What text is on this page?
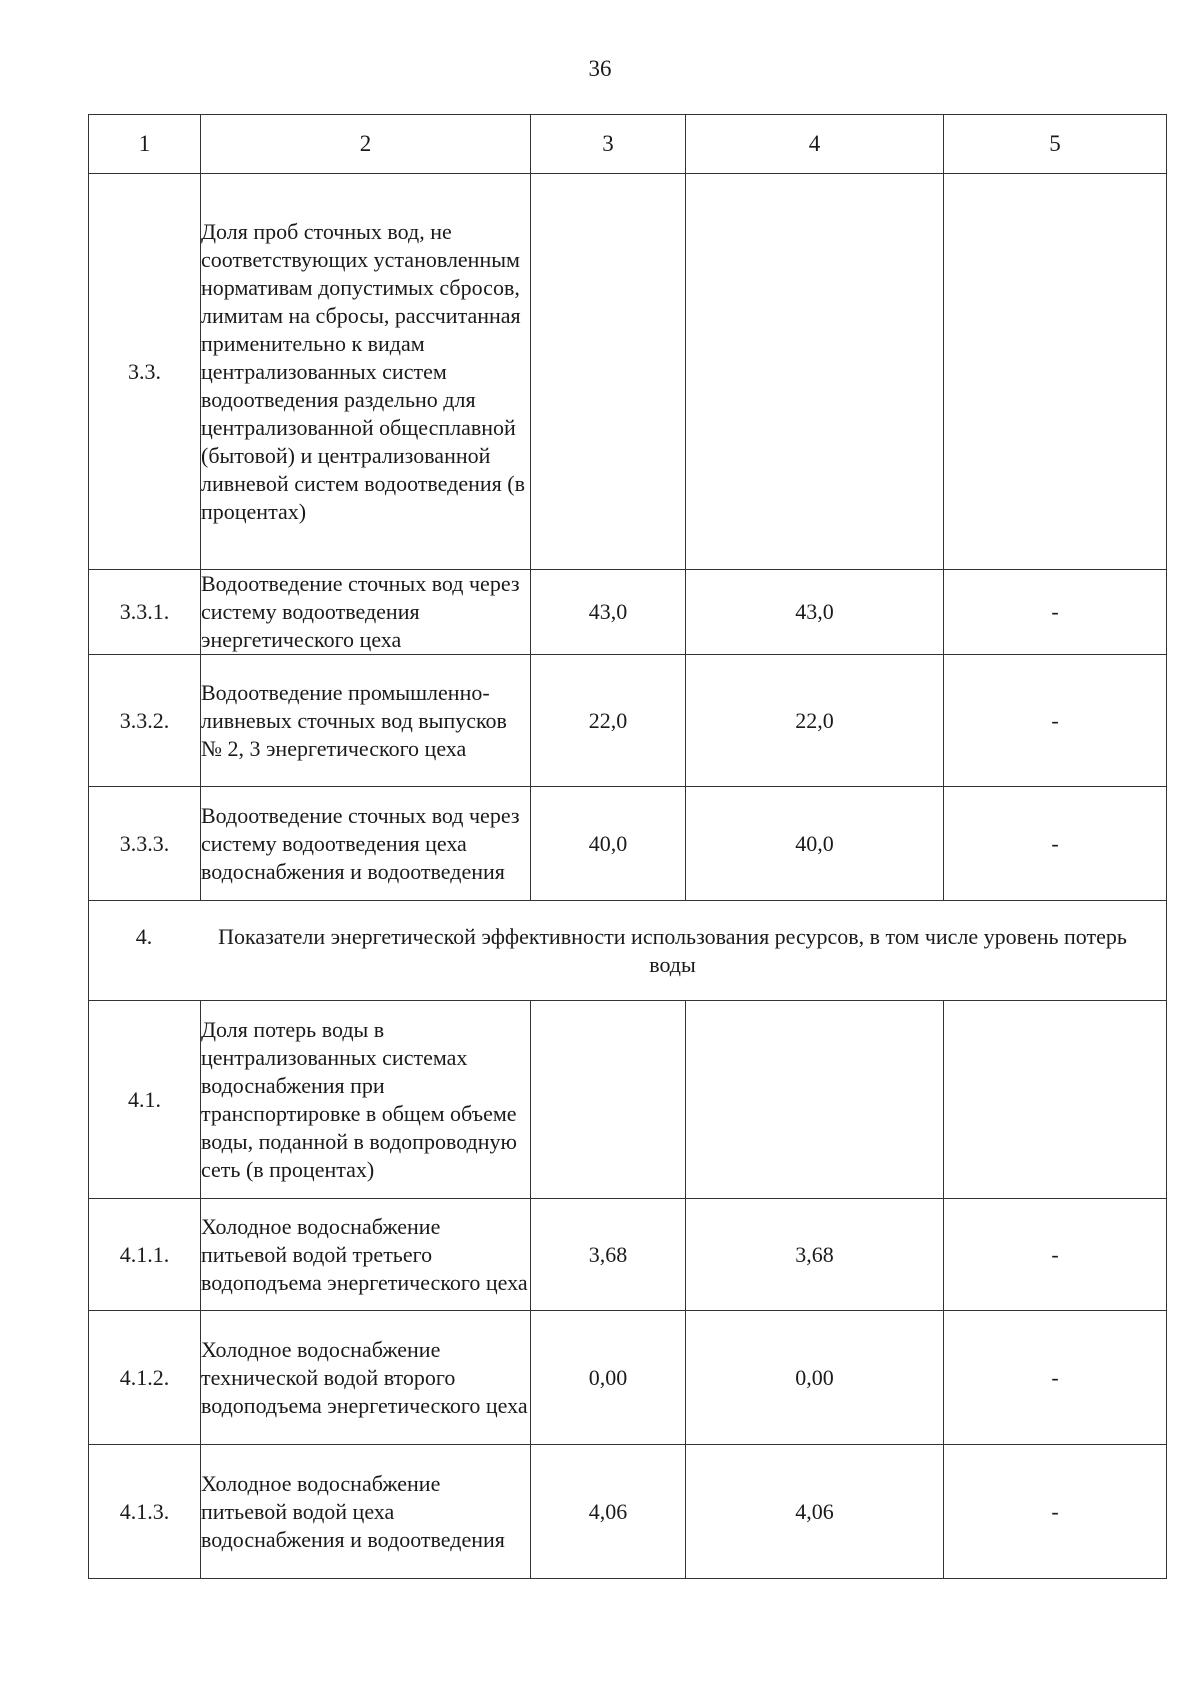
36
1	2	3	4	5
3.3.	Доля проб сточных вод, не соответствующих установленным нормативам допустимых сбросов, лимитам на сбросы, рассчитанная применительно к видам централизованных систем водоотведения раздельно для централизованной общесплавной (бытовой) и централизованной ливневой систем водоотведения (в процентах)			
3.3.1.	Водоотведение сточных вод через систему водоотведения энергетического цеха	43,0	43,0	-
3.3.2.	Водоотведение промышленно-ливневых сточных вод выпусков № 2, 3 энергетического цеха	22,0	22,0	-
3.3.3.	Водоотведение сточных вод через систему водоотведения цеха водоснабжения и водоотведения	40,0	40,0	-

4. Показатели энергетической эффективности использования ресурсов, в том числе уровень потерь воды				

4.1.	Доля потерь воды в централизованных системах водоснабжения при транспортировке в общем объеме воды, поданной в водопроводную сеть (в процентах)			
4.1.1.	Холодное водоснабжение питьевой водой третьего водоподъема энергетического цеха	3,68	3,68	-
4.1.2.	Холодное водоснабжение технической водой второго водоподъема энергетического цеха	0,00	0,00	-
4.1.3.	Холодное водоснабжение питьевой водой цеха водоснабжения и водоотведения	4,06	4,06	-
